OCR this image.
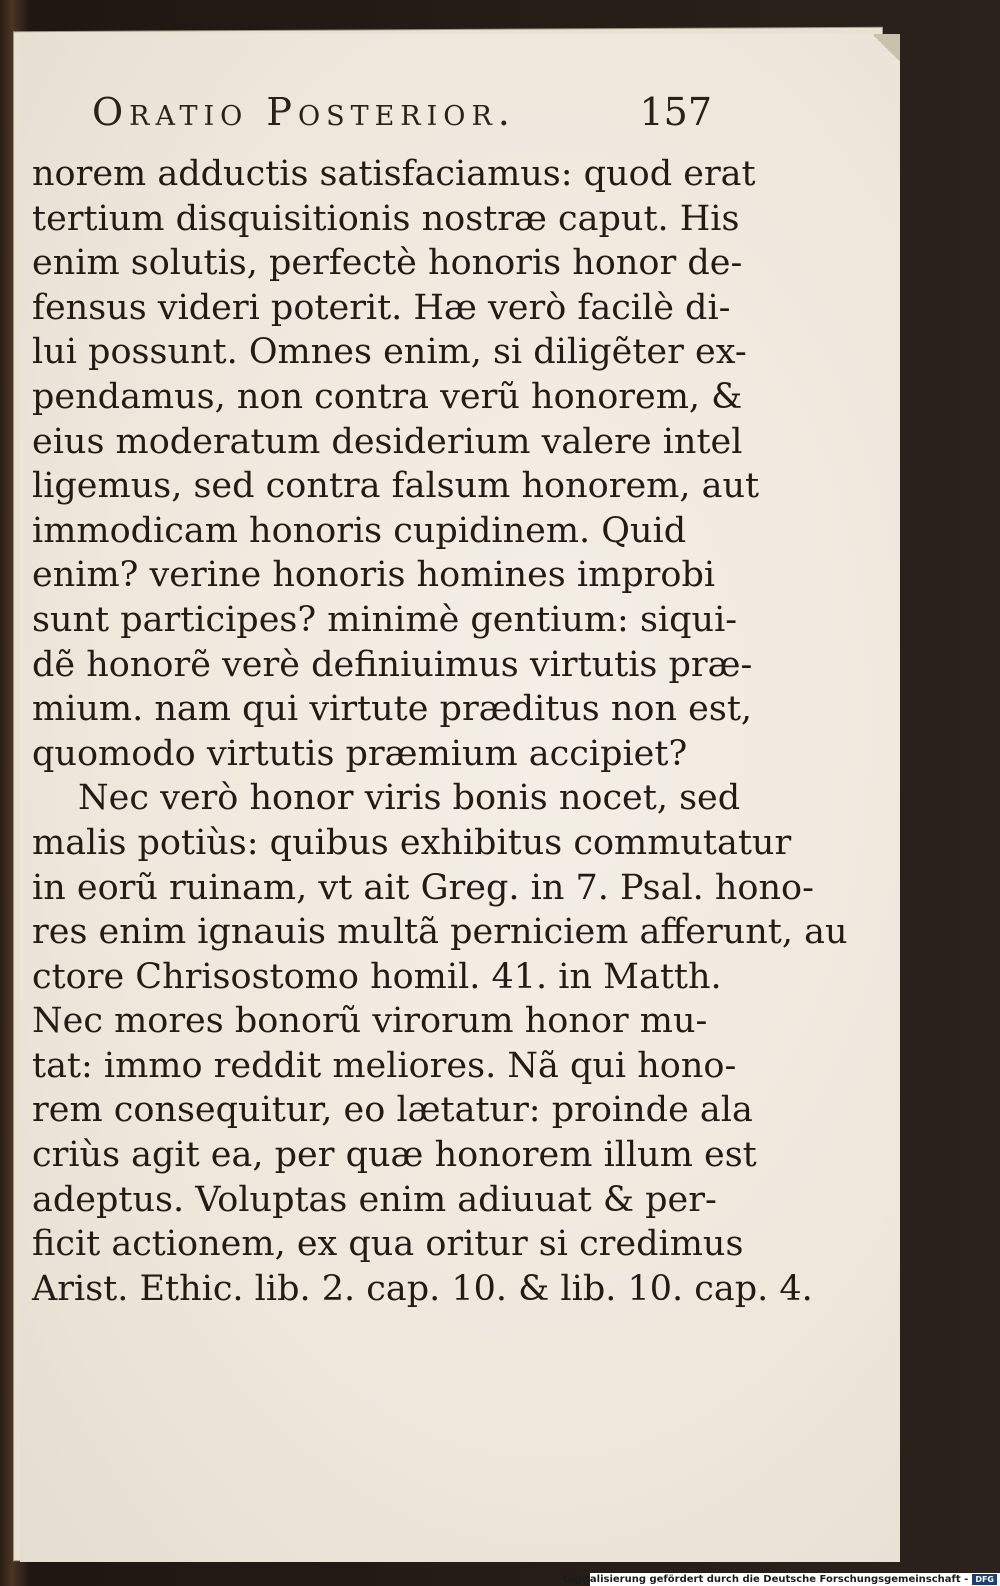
Oratio Posterior.	157
norem adductis satisfaciamus: quod erat
tertium disquisitionis nostræ caput. His
enim solutis, perfectè honoris honor de-
fensus videri poterit. Hæ verò facilè di-
lui possunt. Omnes enim, si diligẽter ex-
pendamus, non contra verũ honorem, &
eius moderatum desiderium valere intel
ligemus, sed contra falsum honorem, aut
immodicam honoris cupidinem. Quid
enim? verine honoris homines improbi
sunt participes? minimè gentium: siqui-
dẽ honorẽ verè definiuimus virtutis præ-
mium. nam qui virtute præditus non est,
quomodo virtutis præmium accipiet?
Nec verò honor viris bonis nocet, sed
malis potiùs: quibus exhibitus commutatur
in eorũ ruinam, vt ait Greg. in 7. Psal. hono-
res enim ignauis multã perniciem afferunt, au
ctore Chrisostomo homil. 41. in Matth.
Nec mores bonorũ virorum honor mu-
tat: immo reddit meliores. Nã qui hono-
rem consequitur, eo lætatur: proinde ala
criùs agit ea, per quæ honorem illum est
adeptus. Voluptas enim adiuuat & per-
ficit actionem, ex qua oritur si credimus
Arist. Ethic. lib. 2. cap. 10. & lib. 10. cap. 4.
Digitalisierung gefördert durch die Deutsche Forschungsgemeinschaft - DFG
